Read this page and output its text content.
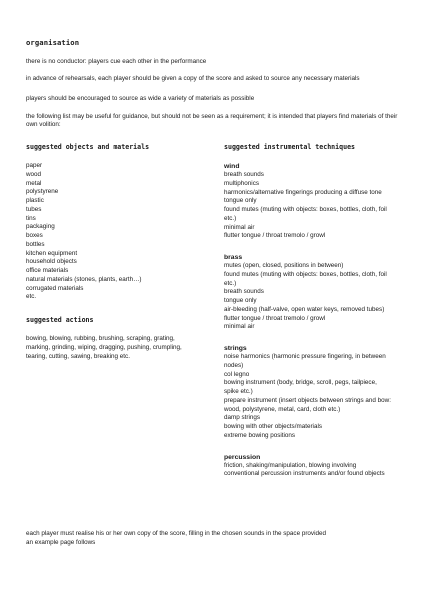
organisation
there is no conductor: players cue each other in the performance
in advance of rehearsals, each player should be given a copy of the score and asked to source any necessary materials
players should be encouraged to source as wide a variety of materials as possible
the following list may be useful for guidance, but should not be seen as a requirement; it is intended that players find materials of their own volition:
suggested objects and materials
paper
wood
metal
polystyrene
plastic
tubes
tins
packaging
boxes
bottles
kitchen equipment
household objects
office materials
natural materials (stones, plants, earth…)
corrugated materials
etc.
suggested actions
bowing, blowing, rubbing, brushing, scraping, grating,
marking, grinding, wiping, dragging, pushing, crumpling,
tearing, cutting, sawing, breaking etc.
suggested instrumental techniques
wind
breath sounds
multiphonics
harmonics/alternative fingerings producing a diffuse tone
tongue only
found mutes (muting with objects: boxes, bottles, cloth, foil
etc.)
minimal air
flutter tongue / throat tremolo / growl
brass
mutes (open, closed, positions in between)
found mutes (muting with objects: boxes, bottles, cloth, foil
etc.)
breath sounds
tongue only
air-bleeding (half-valve, open water keys, removed tubes)
flutter tongue / throat tremolo / growl
minimal air
strings
noise harmonics (harmonic pressure fingering, in between
nodes)
col legno
bowing instrument (body, bridge, scroll, pegs, tailpiece,
spike etc.)
prepare instrument (insert objects between strings and bow:
wood, polystyrene, metal, card, cloth etc.)
damp strings
bowing with other objects/materials
extreme bowing positions
percussion
friction, shaking/manipulation, blowing involving
conventional percussion instruments and/or found objects
each player must realise his or her own copy of the score, filling in the chosen sounds in the space provided
an example page follows
